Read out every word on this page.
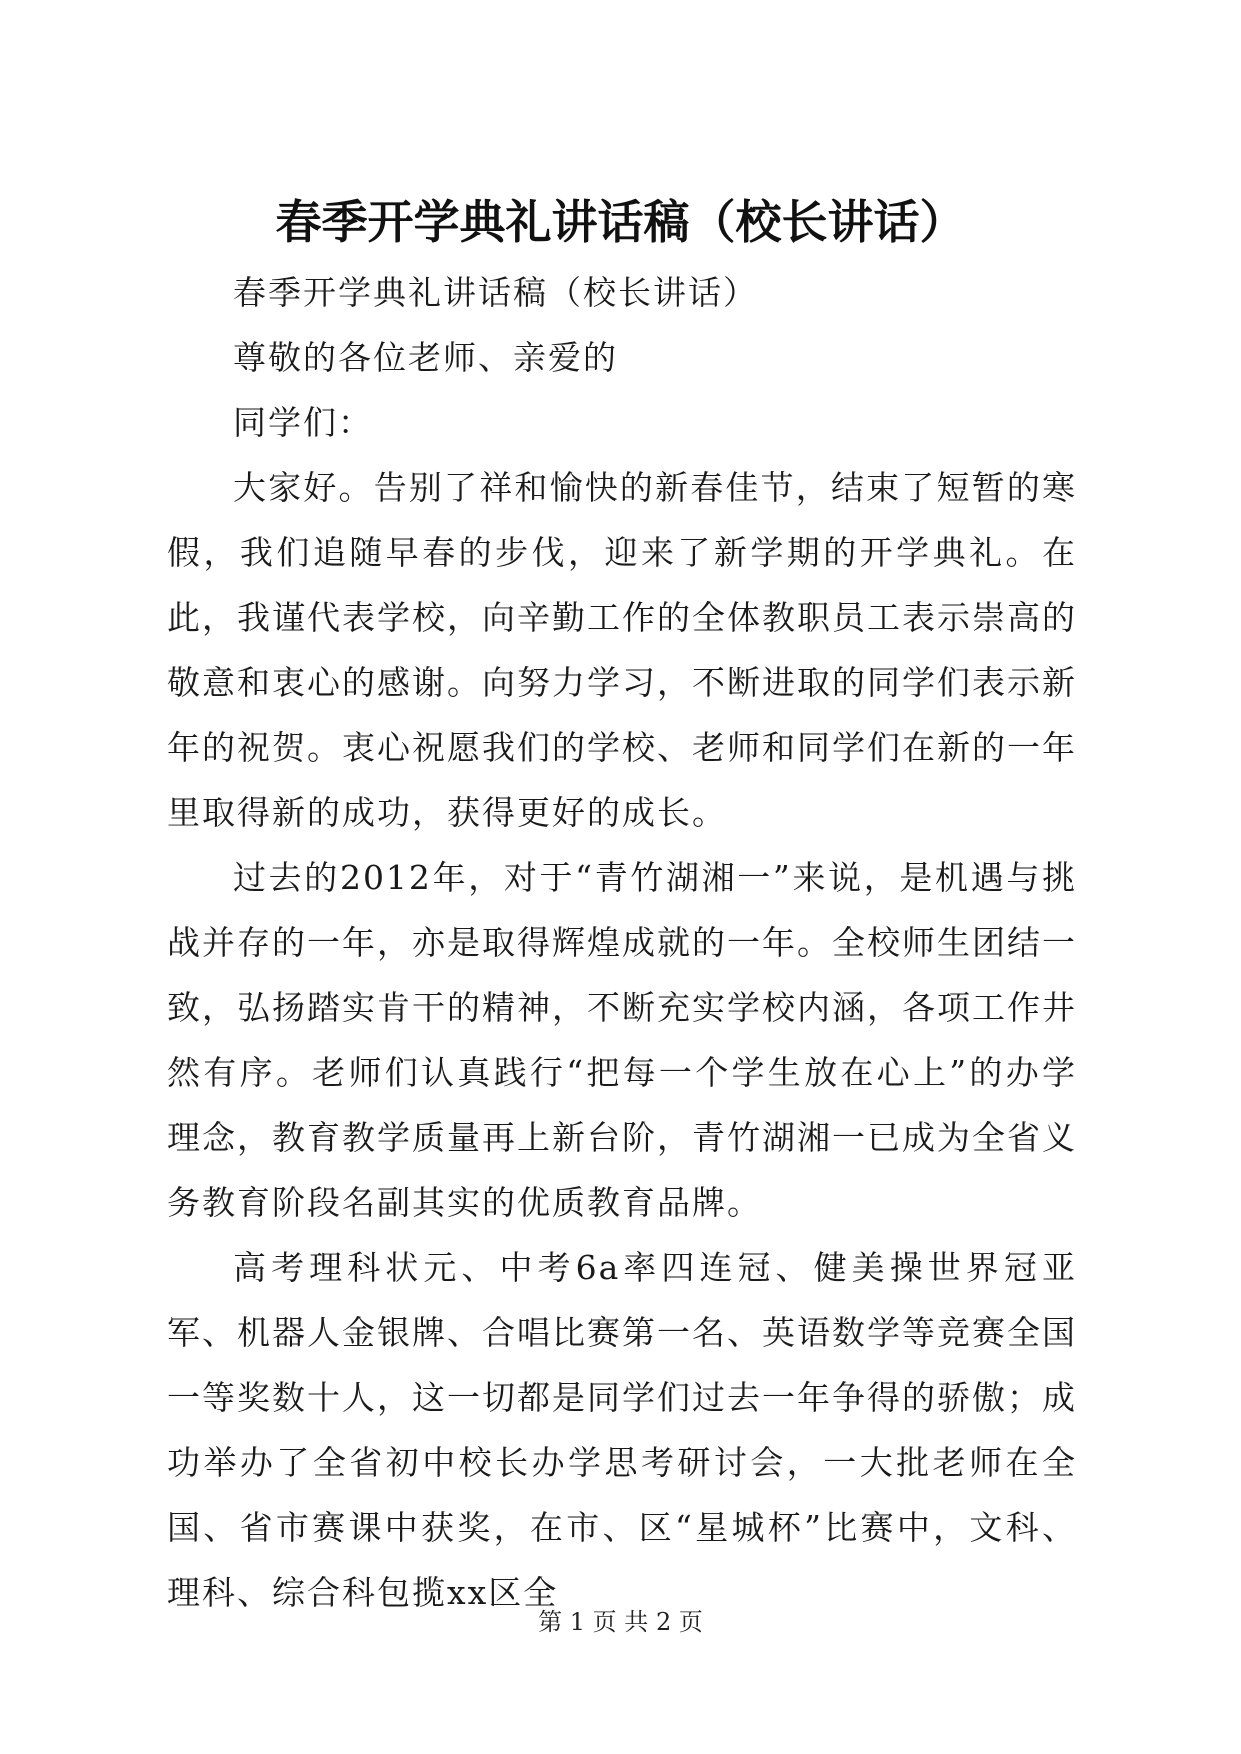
春季开学典礼讲话稿（校长讲话）

春季开学典礼讲话稿（校长讲话）

尊敬的各位老师、亲爱的

同学们：

大家好。告别了祥和愉快的新春佳节，结束了短暂的寒假，我们追随早春的步伐，迎来了新学期的开学典礼。在此，我谨代表学校，向辛勤工作的全体教职员工表示崇高的敬意和衷心的感谢。向努力学习，不断进取的同学们表示新年的祝贺。衷心祝愿我们的学校、老师和同学们在新的一年里取得新的成功，获得更好的成长。

过去的2012年，对于“青竹湖湘一”来说，是机遇与挑战并存的一年，亦是取得辉煌成就的一年。全校师生团结一致，弘扬踏实肯干的精神，不断充实学校内涵，各项工作井然有序。老师们认真践行“把每一个学生放在心上”的办学理念，教育教学质量再上新台阶，青竹湖湘一已成为全省义务教育阶段名副其实的优质教育品牌。

高考理科状元、中考6a率四连冠、健美操世界冠亚军、机器人金银牌、合唱比赛第一名、英语数学等竞赛全国一等奖数十人，这一切都是同学们过去一年争得的骄傲；成功举办了全省初中校长办学思考研讨会，一大批老师在全国、省市赛课中获奖，在市、区“星城杯”比赛中，文科、理科、综合科包揽xx区全

第 1 页 共 2 页
